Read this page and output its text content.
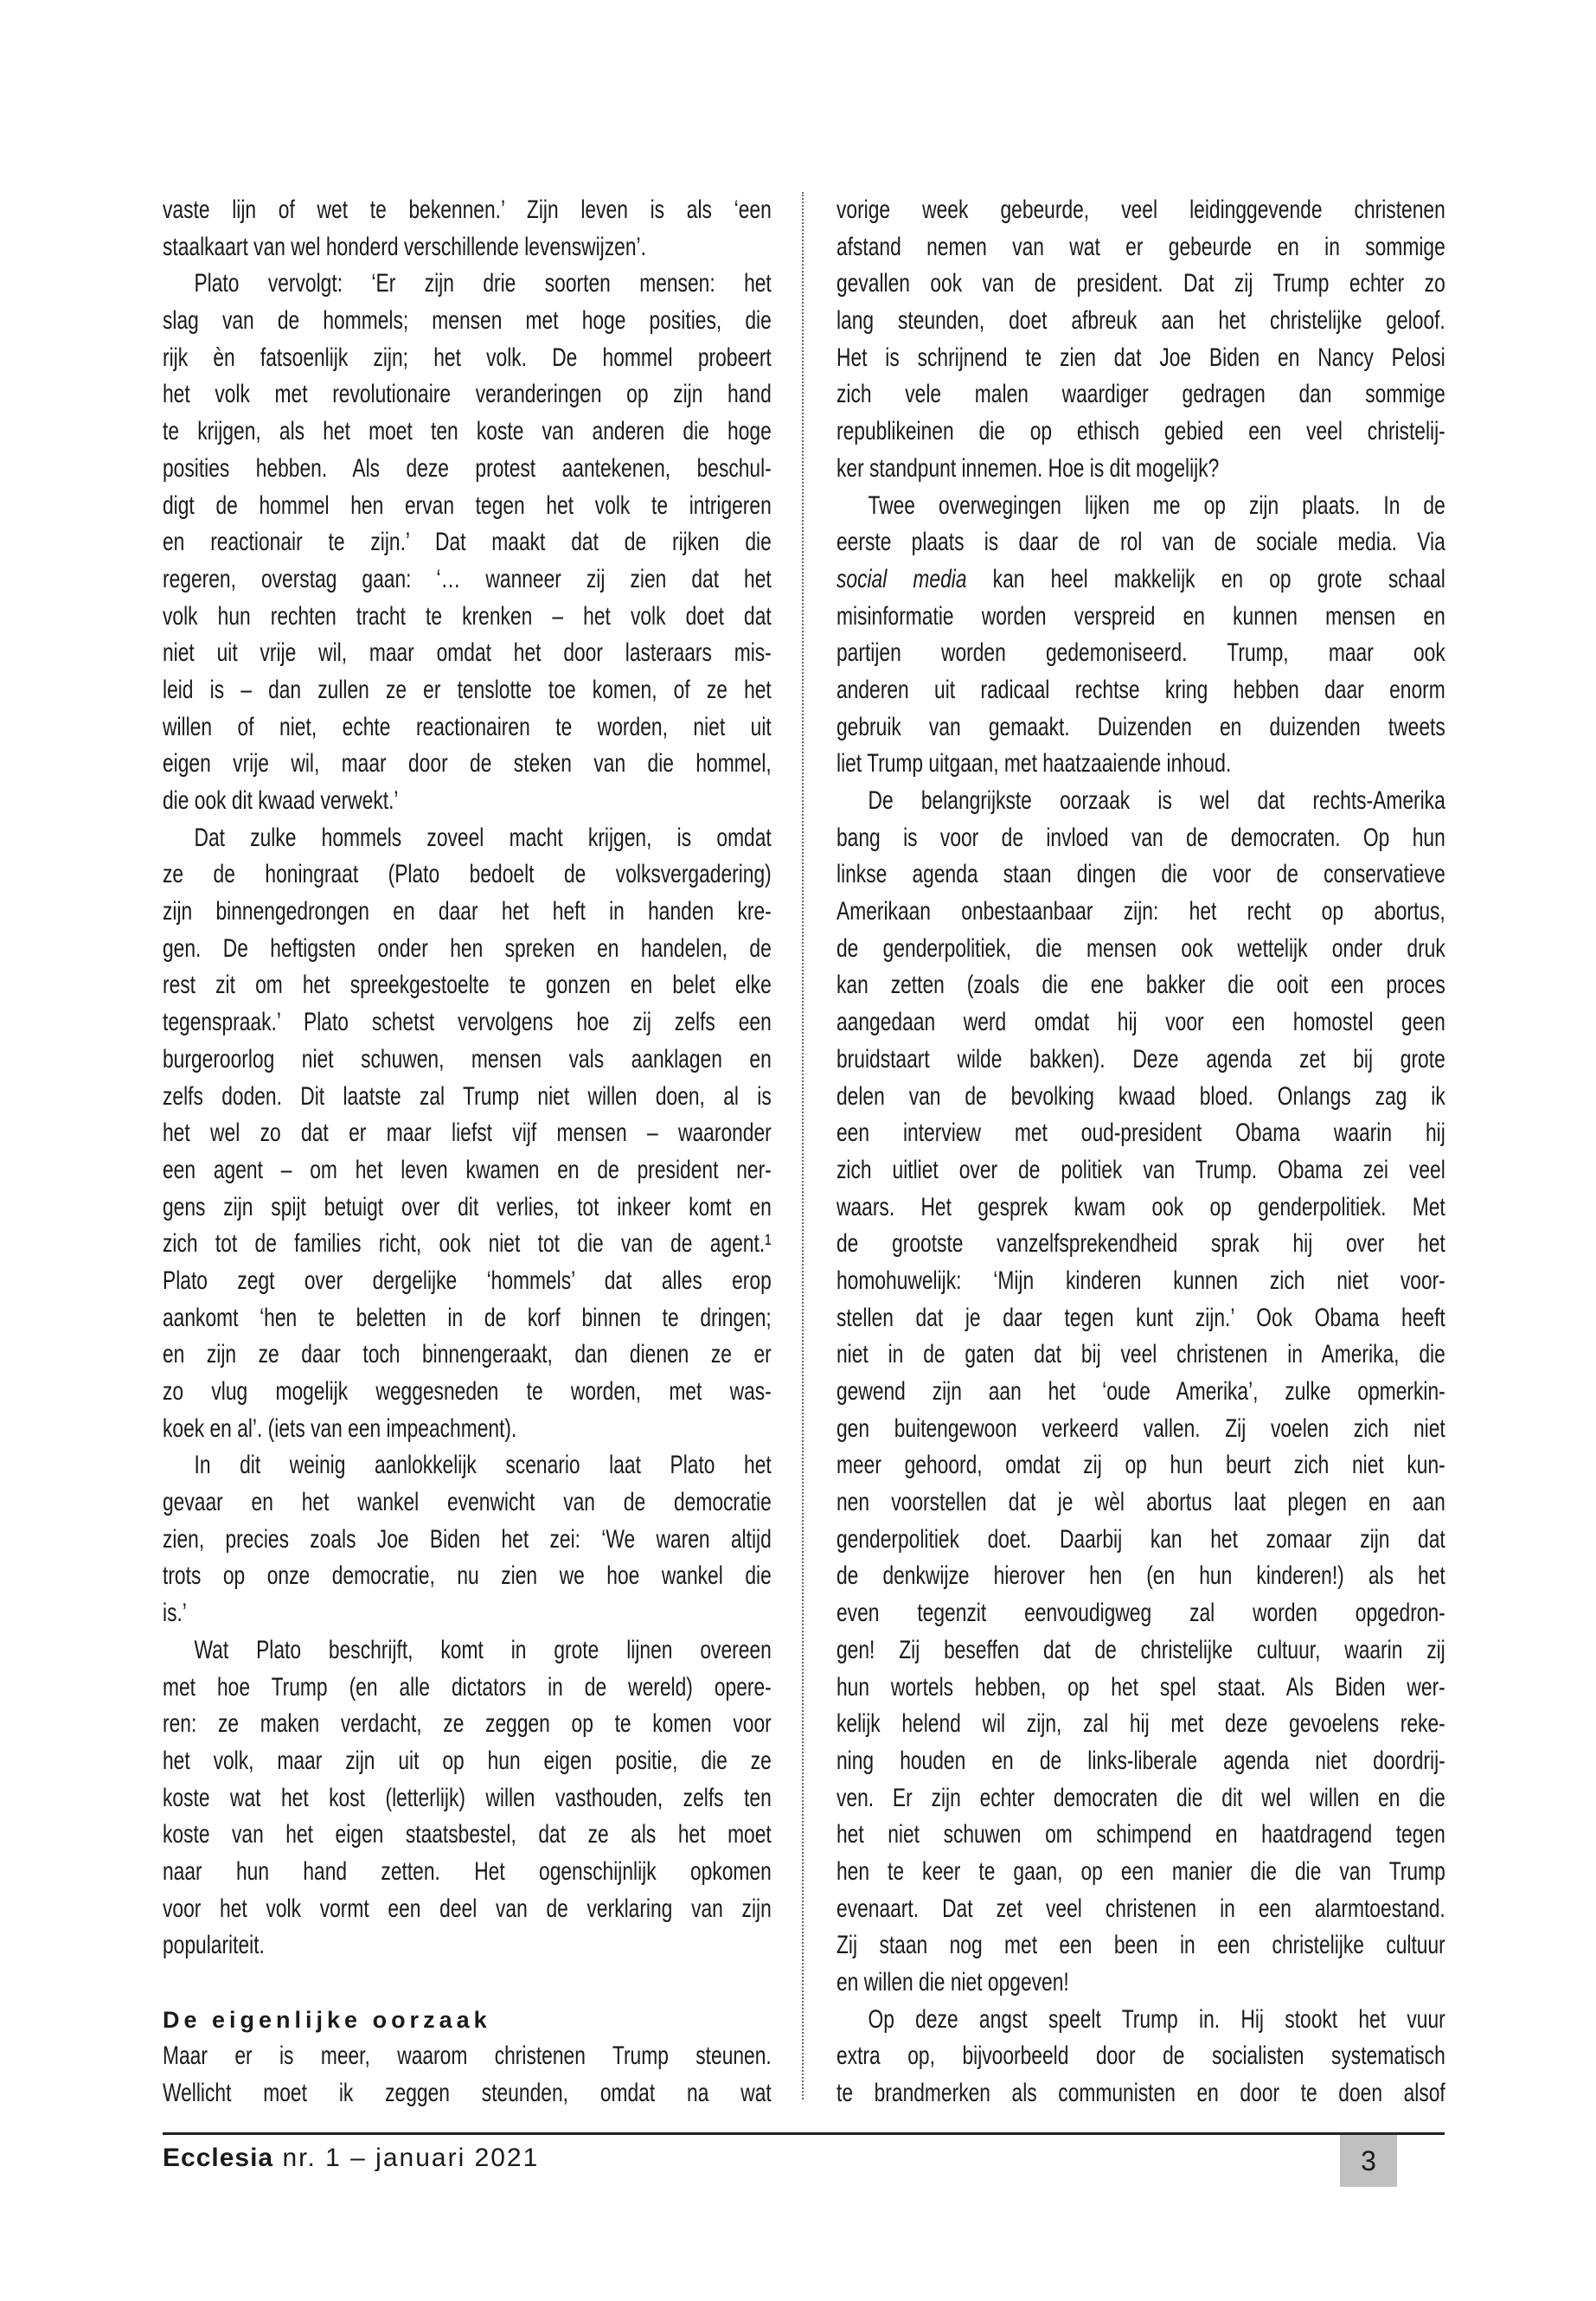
vaste lijn of wet te bekennen.’ Zijn leven is als ‘een
staalkaart van wel honderd verschillende levenswijzen’.
Plato vervolgt: ‘Er zijn drie soorten mensen: het
slag van de hommels; mensen met hoge posities, die
rijk èn fatsoenlijk zijn; het volk. De hommel probeert
het volk met revolutionaire veranderingen op zijn hand
te krijgen, als het moet ten koste van anderen die hoge
posities hebben. Als deze protest aantekenen, beschul-
digt de hommel hen ervan tegen het volk te intrigeren
en reactionair te zijn.’ Dat maakt dat de rijken die
regeren, overstag gaan: ‘… wanneer zij zien dat het
volk hun rechten tracht te krenken – het volk doet dat
niet uit vrije wil, maar omdat het door lasteraars mis-
leid is – dan zullen ze er tenslotte toe komen, of ze het
willen of niet, echte reactionairen te worden, niet uit
eigen vrije wil, maar door de steken van die hommel,
die ook dit kwaad verwekt.’
Dat zulke hommels zoveel macht krijgen, is omdat
ze de honingraat (Plato bedoelt de volksvergadering)
zijn binnengedrongen en daar het heft in handen kre-
gen. De heftigsten onder hen spreken en handelen, de
rest zit om het spreekgestoelte te gonzen en belet elke
tegenspraak.’ Plato schetst vervolgens hoe zij zelfs een
burgeroorlog niet schuwen, mensen vals aanklagen en
zelfs doden. Dit laatste zal Trump niet willen doen, al is
het wel zo dat er maar liefst vijf mensen – waaronder
een agent – om het leven kwamen en de president ner-
gens zijn spijt betuigt over dit verlies, tot inkeer komt en
zich tot de families richt, ook niet tot die van de agent.¹
Plato zegt over dergelijke ‘hommels’ dat alles erop
aankomt ‘hen te beletten in de korf binnen te dringen;
en zijn ze daar toch binnengeraakt, dan dienen ze er
zo vlug mogelijk weggesneden te worden, met was-
koek en al’. (iets van een impeachment).
In dit weinig aanlokkelijk scenario laat Plato het
gevaar en het wankel evenwicht van de democratie
zien, precies zoals Joe Biden het zei: ‘We waren altijd
trots op onze democratie, nu zien we hoe wankel die
is.’
Wat Plato beschrijft, komt in grote lijnen overeen
met hoe Trump (en alle dictators in de wereld) opere-
ren: ze maken verdacht, ze zeggen op te komen voor
het volk, maar zijn uit op hun eigen positie, die ze
koste wat het kost (letterlijk) willen vasthouden, zelfs ten
koste van het eigen staatsbestel, dat ze als het moet
naar hun hand zetten. Het ogenschijnlijk opkomen
voor het volk vormt een deel van de verklaring van zijn
populariteit.
De eigenlijke oorzaak
Maar er is meer, waarom christenen Trump steunen.
Wellicht moet ik zeggen steunden, omdat na wat
vorige week gebeurde, veel leidinggevende christenen
afstand nemen van wat er gebeurde en in sommige
gevallen ook van de president. Dat zij Trump echter zo
lang steunden, doet afbreuk aan het christelijke geloof.
Het is schrijnend te zien dat Joe Biden en Nancy Pelosi
zich vele malen waardiger gedragen dan sommige
republikeinen die op ethisch gebied een veel christelij-
ker standpunt innemen. Hoe is dit mogelijk?
Twee overwegingen lijken me op zijn plaats. In de
eerste plaats is daar de rol van de sociale media. Via
social media kan heel makkelijk en op grote schaal
misinformatie worden verspreid en kunnen mensen en
partijen worden gedemoniseerd. Trump, maar ook
anderen uit radicaal rechtse kring hebben daar enorm
gebruik van gemaakt. Duizenden en duizenden tweets
liet Trump uitgaan, met haatzaaiende inhoud.
De belangrijkste oorzaak is wel dat rechts-Amerika
bang is voor de invloed van de democraten. Op hun
linkse agenda staan dingen die voor de conservatieve
Amerikaan onbestaanbaar zijn: het recht op abortus,
de genderpolitiek, die mensen ook wettelijk onder druk
kan zetten (zoals die ene bakker die ooit een proces
aangedaan werd omdat hij voor een homostel geen
bruidstaart wilde bakken). Deze agenda zet bij grote
delen van de bevolking kwaad bloed. Onlangs zag ik
een interview met oud-president Obama waarin hij
zich uitliet over de politiek van Trump. Obama zei veel
waars. Het gesprek kwam ook op genderpolitiek. Met
de grootste vanzelfsprekendheid sprak hij over het
homohuwelijk: ‘Mijn kinderen kunnen zich niet voor-
stellen dat je daar tegen kunt zijn.’ Ook Obama heeft
niet in de gaten dat bij veel christenen in Amerika, die
gewend zijn aan het ‘oude Amerika’, zulke opmerkin-
gen buitengewoon verkeerd vallen. Zij voelen zich niet
meer gehoord, omdat zij op hun beurt zich niet kun-
nen voorstellen dat je wèl abortus laat plegen en aan
genderpolitiek doet. Daarbij kan het zomaar zijn dat
de denkwijze hierover hen (en hun kinderen!) als het
even tegenzit eenvoudigweg zal worden opgedron-
gen! Zij beseffen dat de christelijke cultuur, waarin zij
hun wortels hebben, op het spel staat. Als Biden wer-
kelijk helend wil zijn, zal hij met deze gevoelens reke-
ning houden en de links-liberale agenda niet doordrij-
ven. Er zijn echter democraten die dit wel willen en die
het niet schuwen om schimpend en haatdragend tegen
hen te keer te gaan, op een manier die die van Trump
evenaart. Dat zet veel christenen in een alarmtoestand.
Zij staan nog met een been in een christelijke cultuur
en willen die niet opgeven!
Op deze angst speelt Trump in. Hij stookt het vuur
extra op, bijvoorbeeld door de socialisten systematisch
te brandmerken als communisten en door te doen alsof
Ecclesia nr. 1 – januari 2021	3
